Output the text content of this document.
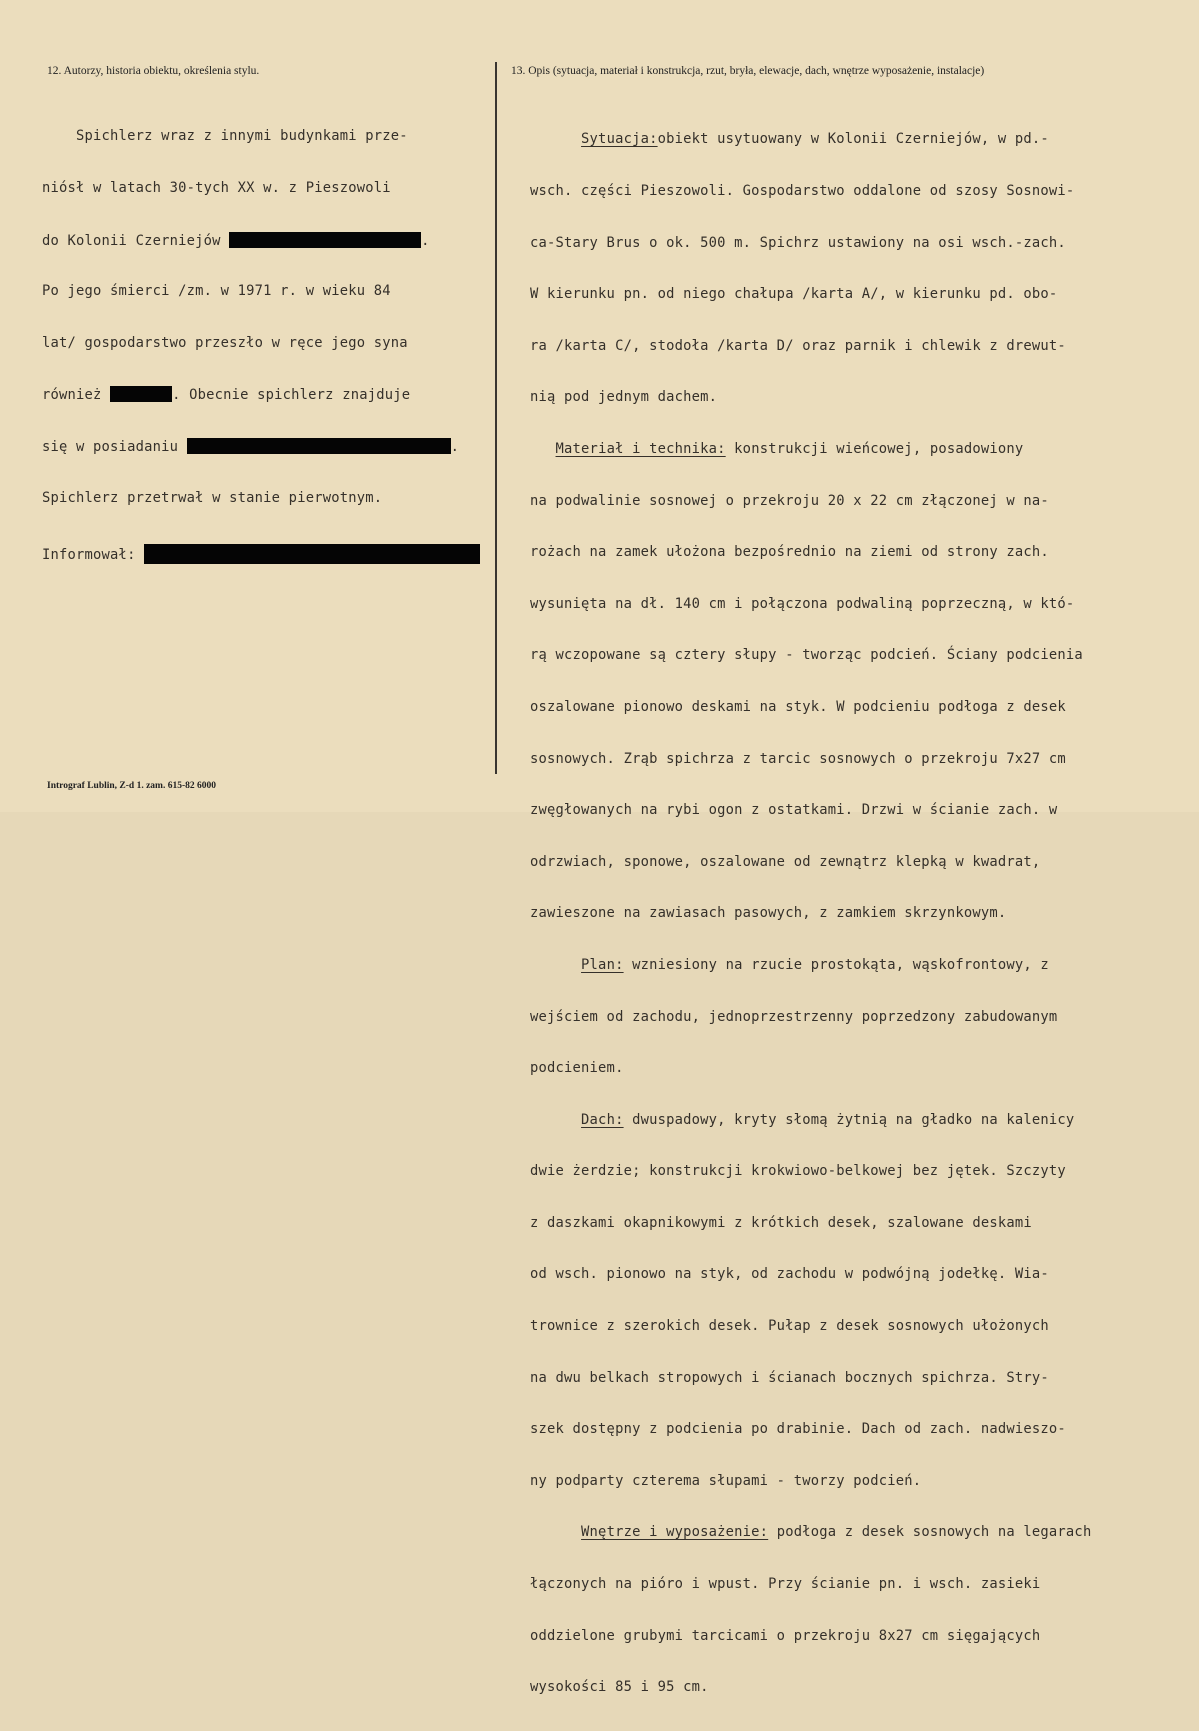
12. Autorzy, historia obiektu, określenia stylu.	13. Opis (sytuacja, materiał i konstrukcja, rzut, bryła, elewacje, dach, wnętrze wyposażenie, instalacje)

Spichlerz wraz z innymi budynkami prze-

niósł w latach 30-tych XX w. z Pieszowoli

do Kolonii Czerniejów	.

Po jego śmierci /zm. w 1971 r. w wieku 84

lat/ gospodarstwo przeszło w ręce jego syna

również	. Obecnie spichlerz znajduje

się w posiadaniu	.

Spichlerz przetrwał w stanie pierwotnym.

Informował:

Sytuacja:obiekt usytuowany w Kolonii Czerniejów, w pd.-

wsch. części Pieszowoli. Gospodarstwo oddalone od szosy Sosnowi-

ca-Stary Brus o ok. 500 m. Spichrz ustawiony na osi wsch.-zach.

W kierunku pn. od niego chałupa /karta A/, w kierunku pd. obo-

ra /karta C/, stodoła /karta D/ oraz parnik i chlewik z drewut-

nią pod jednym dachem.

Materiał i technika: konstrukcji wieńcowej, posadowiony

na podwalinie sosnowej o przekroju 20 x 22 cm złączonej w na-

rożach na zamek ułożona bezpośrednio na ziemi od strony zach.

wysunięta na dł. 140 cm i połączona podwaliną poprzeczną, w któ-

rą wczopowane są cztery słupy - tworząc podcień. Ściany podcienia

oszalowane pionowo deskami na styk. W podcieniu podłoga z desek

sosnowych. Zrąb spichrza z tarcic sosnowych o przekroju 7x27 cm

zwęgłowanych na rybi ogon z ostatkami. Drzwi w ścianie zach. w

odrzwiach, sponowe, oszalowane od zewnątrz klepką w kwadrat,

zawieszone na zawiasach pasowych, z zamkiem skrzynkowym.

Plan: wzniesiony na rzucie prostokąta, wąskofrontowy, z

wejściem od zachodu, jednoprzestrzenny poprzedzony zabudowanym

podcieniem.

Dach: dwuspadowy, kryty słomą żytnią na gładko na kalenicy

dwie żerdzie; konstrukcji krokwiowo-belkowej bez jętek. Szczyty

z daszkami okapnikowymi z krótkich desek, szalowane deskami

od wsch. pionowo na styk, od zachodu w podwójną jodełkę. Wia-

trownice z szerokich desek. Pułap z desek sosnowych ułożonych

na dwu belkach stropowych i ścianach bocznych spichrza. Stry-

szek dostępny z podcienia po drabinie. Dach od zach. nadwieszo-

ny podparty czterema słupami - tworzy podcień.

Wnętrze i wyposażenie: podłoga z desek sosnowych na legarach

łączonych na pióro i wpust. Przy ścianie pn. i wsch. zasieki

oddzielone grubymi tarcicami o przekroju 8x27 cm sięgających

wysokości 85 i 95 cm.

Intrograf Lublin, Z-d 1. zam. 615-82 6000
